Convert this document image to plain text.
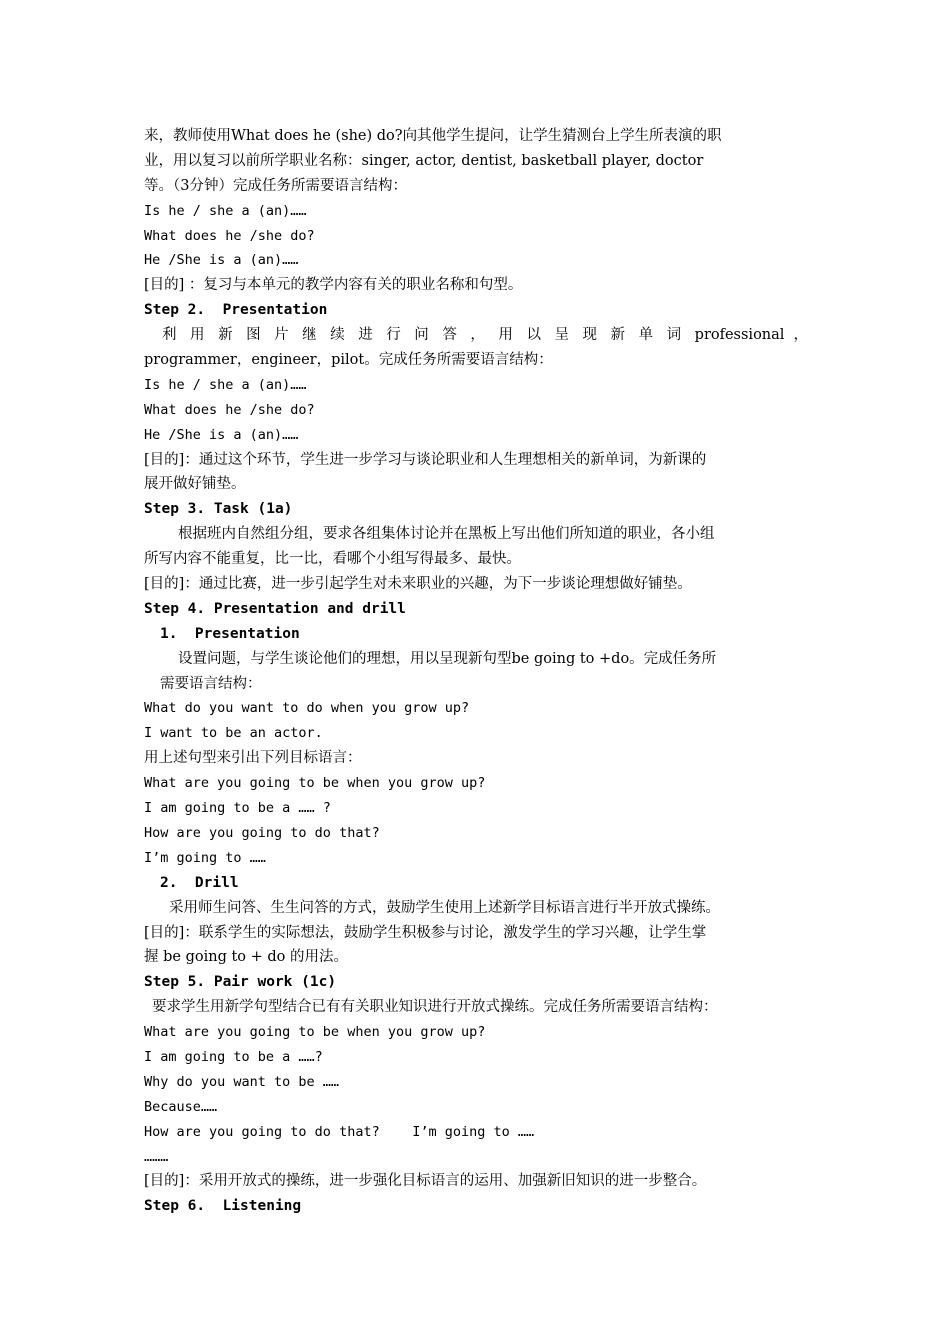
来，教师使用What does he (she) do?向其他学生提问，让学生猜测台上学生所表演的职
业，用以复习以前所学职业名称：singer, actor, dentist, basketball player, doctor
等。（3分钟）完成任务所需要语言结构：
Is he / she a (an)……
What does he /she do?
He /She is a (an)……
[目的] ：复习与本单元的教学内容有关的职业名称和句型。
Step 2.  Presentation
利 用 新 图 片 继 续 进 行 问 答 ， 用 以 呈 现 新 单 词 professional ，
programmer，engineer，pilot。完成任务所需要语言结构：
Is he / she a (an)……
What does he /she do?
He /She is a (an)……
[目的]：通过这个环节，学生进一步学习与谈论职业和人生理想相关的新单词，为新课的
展开做好铺垫。
Step 3. Task (1a)
根据班内自然组分组，要求各组集体讨论并在黑板上写出他们所知道的职业，各小组
所写内容不能重复，比一比，看哪个小组写得最多、最快。
[目的]：通过比赛，进一步引起学生对未来职业的兴趣，为下一步谈论理想做好铺垫。
Step 4. Presentation and drill
1.  Presentation
设置问题，与学生谈论他们的理想，用以呈现新句型be going to +do。完成任务所
需要语言结构：
What do you want to do when you grow up?
I want to be an actor.
用上述句型来引出下列目标语言：
What are you going to be when you grow up?
I am going to be a …… ?
How are you going to do that?
I’m going to ……
2.  Drill
采用师生问答、生生问答的方式，鼓励学生使用上述新学目标语言进行半开放式操练。
[目的]：联系学生的实际想法，鼓励学生积极参与讨论，激发学生的学习兴趣，让学生掌
握 be going to + do 的用法。
Step 5. Pair work (1c)
要求学生用新学句型结合已有有关职业知识进行开放式操练。完成任务所需要语言结构：
What are you going to be when you grow up?
I am going to be a ……?
Why do you want to be ……
Because……
How are you going to do that?    I’m going to ……
………
[目的]：采用开放式的操练，进一步强化目标语言的运用、加强新旧知识的进一步整合。
Step 6.  Listening
